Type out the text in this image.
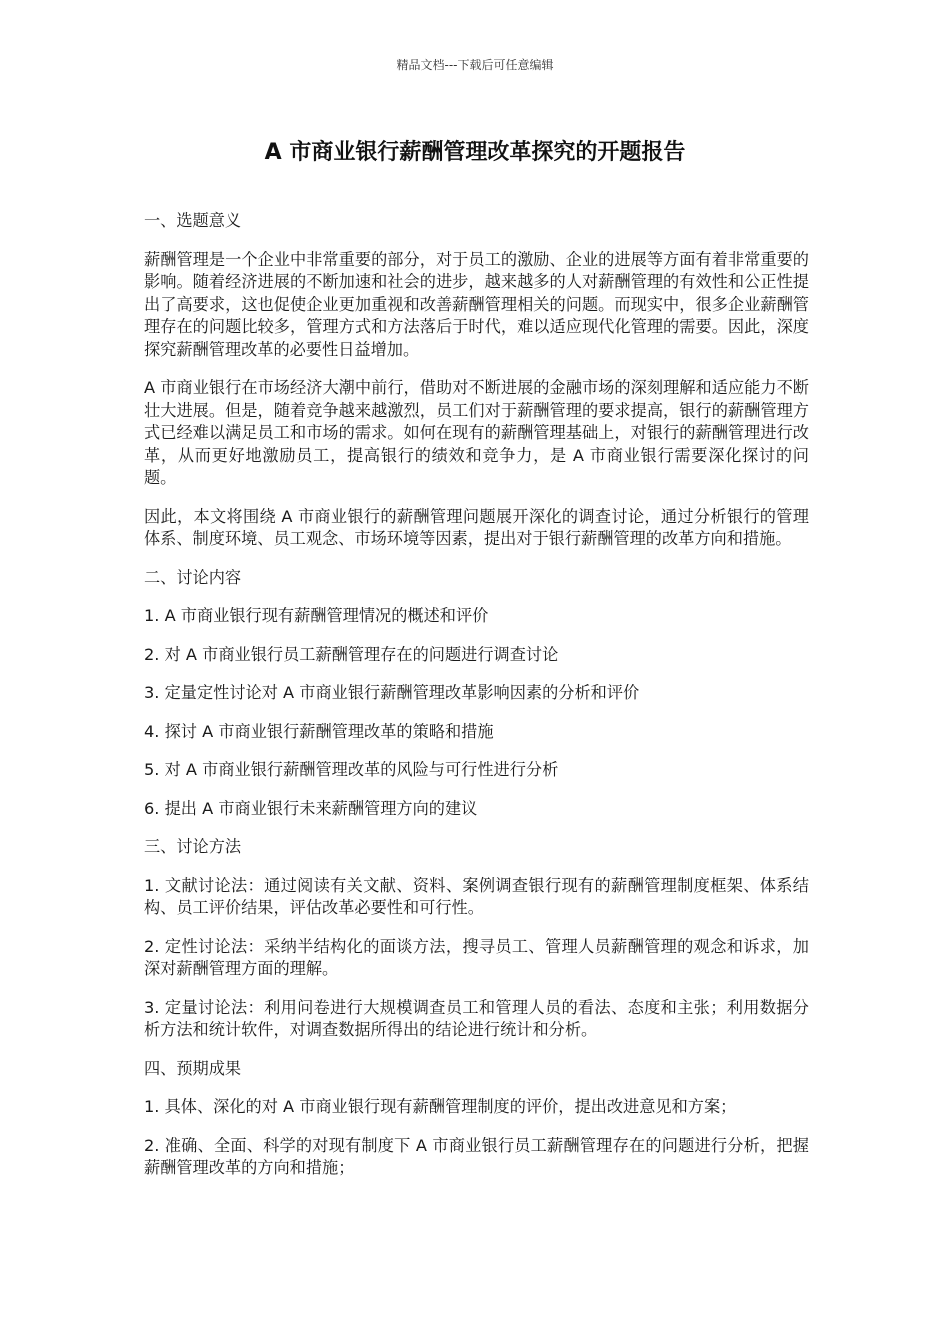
精品文档---下载后可任意编辑
A 市商业银行薪酬管理改革探究的开题报告

一、选题意义

薪酬管理是一个企业中非常重要的部分，对于员工的激励、企业的进展等方面有着非常重要的影响。随着经济进展的不断加速和社会的进步，越来越多的人对薪酬管理的有效性和公正性提出了高要求，这也促使企业更加重视和改善薪酬管理相关的问题。而现实中，很多企业薪酬管理存在的问题比较多，管理方式和方法落后于时代，难以适应现代化管理的需要。因此，深度探究薪酬管理改革的必要性日益增加。

A 市商业银行在市场经济大潮中前行，借助对不断进展的金融市场的深刻理解和适应能力不断壮大进展。但是，随着竞争越来越激烈，员工们对于薪酬管理的要求提高，银行的薪酬管理方式已经难以满足员工和市场的需求。如何在现有的薪酬管理基础上，对银行的薪酬管理进行改革，从而更好地激励员工，提高银行的绩效和竞争力，是 A 市商业银行需要深化探讨的问题。

因此，本文将围绕 A 市商业银行的薪酬管理问题展开深化的调查讨论，通过分析银行的管理体系、制度环境、员工观念、市场环境等因素，提出对于银行薪酬管理的改革方向和措施。

二、讨论内容

1. A 市商业银行现有薪酬管理情况的概述和评价

2. 对 A 市商业银行员工薪酬管理存在的问题进行调查讨论

3. 定量定性讨论对 A 市商业银行薪酬管理改革影响因素的分析和评价

4. 探讨 A 市商业银行薪酬管理改革的策略和措施

5. 对 A 市商业银行薪酬管理改革的风险与可行性进行分析

6. 提出 A 市商业银行未来薪酬管理方向的建议

三、讨论方法

1. 文献讨论法：通过阅读有关文献、资料、案例调查银行现有的薪酬管理制度框架、体系结构、员工评价结果，评估改革必要性和可行性。

2. 定性讨论法：采纳半结构化的面谈方法，搜寻员工、管理人员薪酬管理的观念和诉求，加深对薪酬管理方面的理解。

3. 定量讨论法：利用问卷进行大规模调查员工和管理人员的看法、态度和主张；利用数据分析方法和统计软件，对调查数据所得出的结论进行统计和分析。

四、预期成果

1. 具体、深化的对 A 市商业银行现有薪酬管理制度的评价，提出改进意见和方案；

2. 准确、全面、科学的对现有制度下 A 市商业银行员工薪酬管理存在的问题进行分析，把握薪酬管理改革的方向和措施；
